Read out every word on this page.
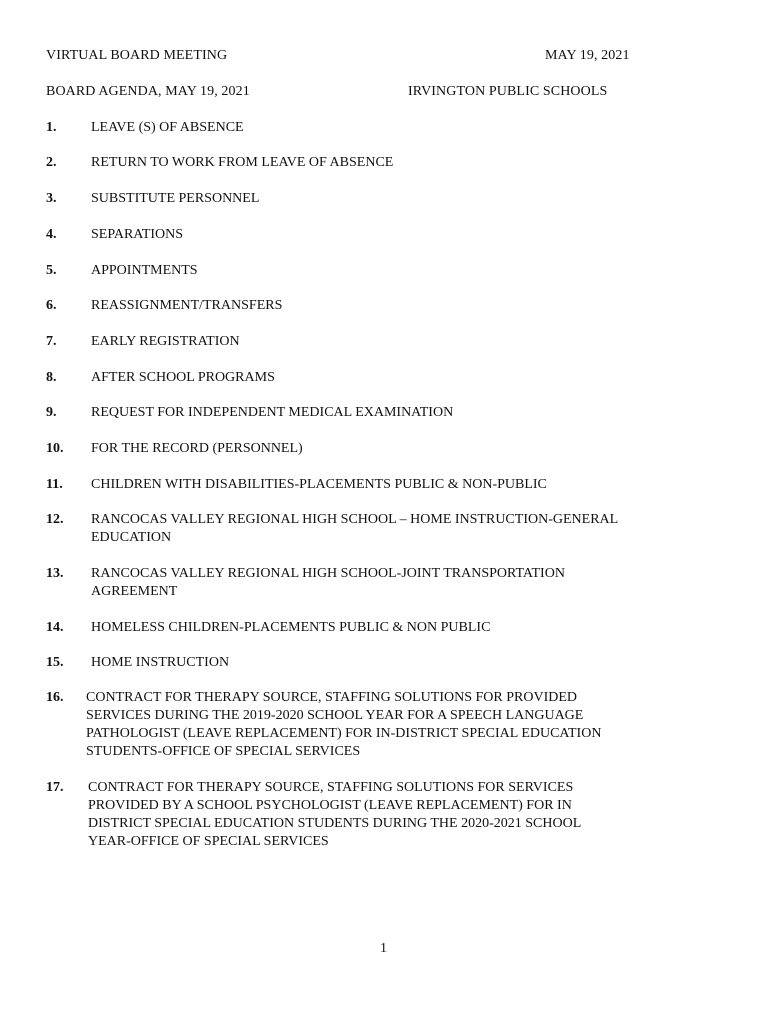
VIRTUAL BOARD MEETING	MAY 19, 2021
BOARD AGENDA, MAY 19, 2021	IRVINGTON PUBLIC SCHOOLS
1. LEAVE (S) OF ABSENCE
2. RETURN TO WORK FROM LEAVE OF ABSENCE
3. SUBSTITUTE PERSONNEL
4. SEPARATIONS
5. APPOINTMENTS
6. REASSIGNMENT/TRANSFERS
7. EARLY REGISTRATION
8. AFTER SCHOOL PROGRAMS
9. REQUEST FOR INDEPENDENT MEDICAL EXAMINATION
10. FOR THE RECORD (PERSONNEL)
11. CHILDREN WITH DISABILITIES-PLACEMENTS PUBLIC & NON-PUBLIC
12. RANCOCAS VALLEY REGIONAL HIGH SCHOOL – HOME INSTRUCTION-GENERAL
EDUCATION
13. RANCOCAS VALLEY REGIONAL HIGH SCHOOL-JOINT TRANSPORTATION
AGREEMENT
14. HOMELESS CHILDREN-PLACEMENTS PUBLIC & NON PUBLIC
15. HOME INSTRUCTION
16. CONTRACT FOR THERAPY SOURCE, STAFFING SOLUTIONS FOR PROVIDED
SERVICES DURING THE 2019-2020 SCHOOL YEAR FOR A SPEECH LANGUAGE
PATHOLOGIST (LEAVE REPLACEMENT) FOR IN-DISTRICT SPECIAL EDUCATION
STUDENTS-OFFICE OF SPECIAL SERVICES
17. CONTRACT FOR THERAPY SOURCE, STAFFING SOLUTIONS FOR SERVICES
PROVIDED BY A SCHOOL PSYCHOLOGIST (LEAVE REPLACEMENT) FOR IN
DISTRICT SPECIAL EDUCATION STUDENTS DURING THE 2020-2021 SCHOOL
YEAR-OFFICE OF SPECIAL SERVICES
1
